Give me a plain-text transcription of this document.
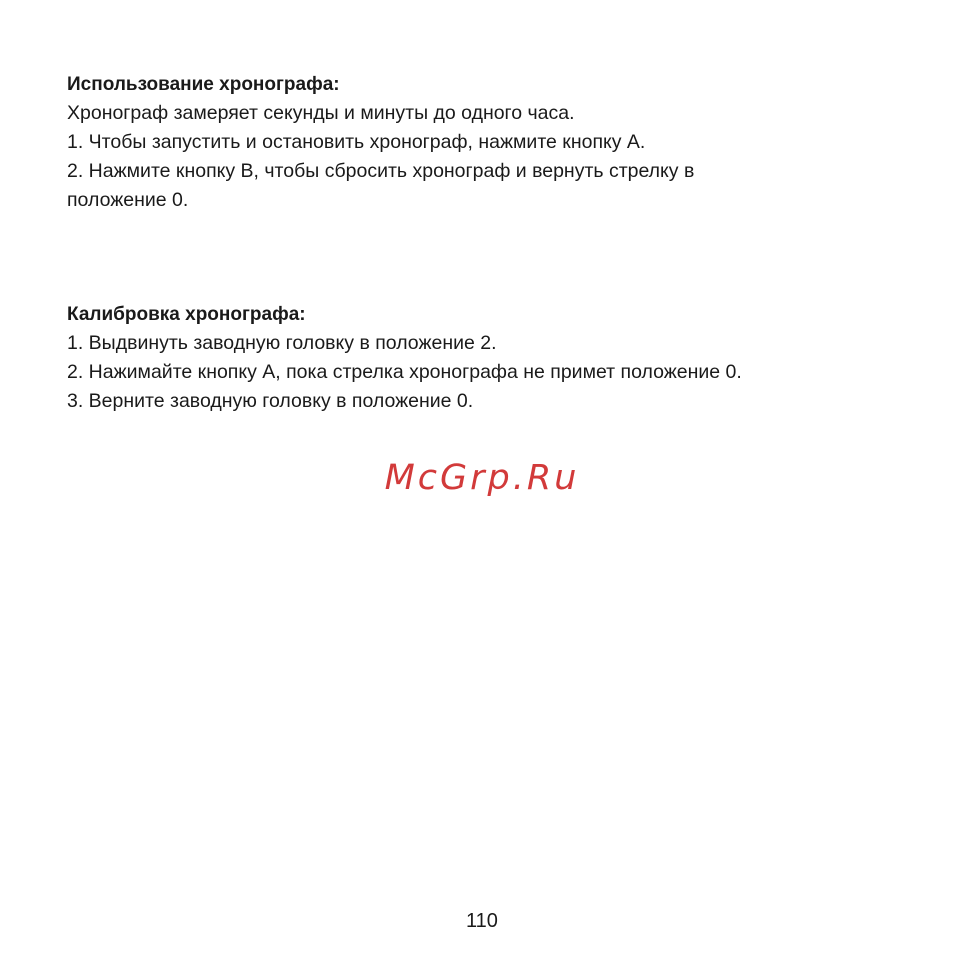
Использование хронографа:

Хронограф замеряет секунды и минуты до одного часа.

1. Чтобы запустить и остановить хронограф, нажмите кнопку A.

2. Нажмите кнопку B, чтобы сбросить хронограф и вернуть стрелку в

положение 0.

Калибровка хронографа:

1. Выдвинуть заводную головку в положение 2.

2. Нажимайте кнопку A, пока стрелка хронографа не примет положение 0.

3. Верните заводную головку в положение 0.

McGrp.Ru
110
